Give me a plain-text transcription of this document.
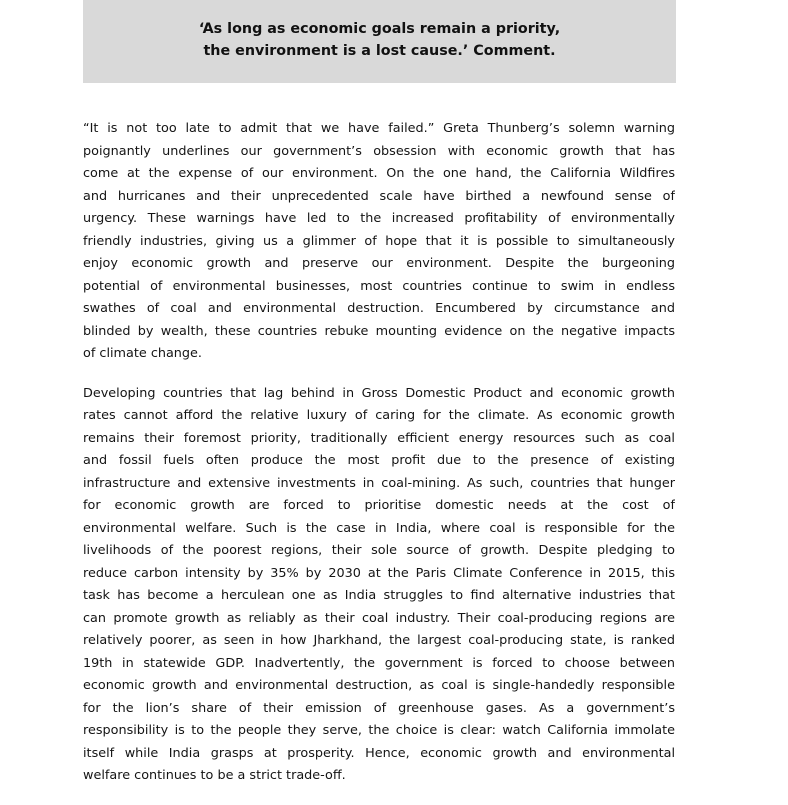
‘As long as economic goals remain a priority,
the environment is a lost cause.’ Comment.
“It is not too late to admit that we have failed.” Greta Thunberg’s solemn warning
poignantly underlines our government’s obsession with economic growth that has
come at the expense of our environment. On the one hand, the California Wildfires
and hurricanes and their unprecedented scale have birthed a newfound sense of
urgency. These warnings have led to the increased profitability of environmentally
friendly industries, giving us a glimmer of hope that it is possible to simultaneously
enjoy economic growth and preserve our environment. Despite the burgeoning
potential of environmental businesses, most countries continue to swim in endless
swathes of coal and environmental destruction. Encumbered by circumstance and
blinded by wealth, these countries rebuke mounting evidence on the negative impacts
of climate change.
Developing countries that lag behind in Gross Domestic Product and economic growth
rates cannot afford the relative luxury of caring for the climate. As economic growth
remains their foremost priority, traditionally efficient energy resources such as coal
and fossil fuels often produce the most profit due to the presence of existing
infrastructure and extensive investments in coal-mining. As such, countries that hunger
for economic growth are forced to prioritise domestic needs at the cost of
environmental welfare. Such is the case in India, where coal is responsible for the
livelihoods of the poorest regions, their sole source of growth. Despite pledging to
reduce carbon intensity by 35% by 2030 at the Paris Climate Conference in 2015, this
task has become a herculean one as India struggles to find alternative industries that
can promote growth as reliably as their coal industry. Their coal-producing regions are
relatively poorer, as seen in how Jharkhand, the largest coal-producing state, is ranked
19th in statewide GDP. Inadvertently, the government is forced to choose between
economic growth and environmental destruction, as coal is single-handedly responsible
for the lion’s share of their emission of greenhouse gases. As a government’s
responsibility is to the people they serve, the choice is clear: watch California immolate
itself while India grasps at prosperity. Hence, economic growth and environmental
welfare continues to be a strict trade-off.
